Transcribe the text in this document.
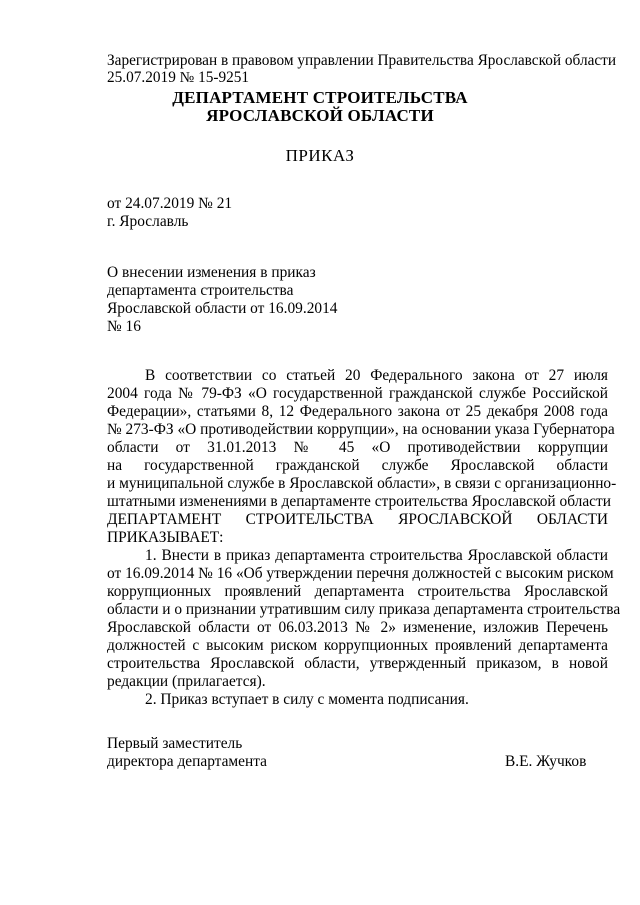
Зарегистрирован в правовом управлении Правительства Ярославской области
25.07.2019 № 15-9251
ДЕПАРТАМЕНТ СТРОИТЕЛЬСТВА
ЯРОСЛАВСКОЙ ОБЛАСТИ
ПРИКАЗ
от 24.07.2019 № 21
г. Ярославль
О внесении изменения в приказ
департамента строительства
Ярославской области от 16.09.2014
№ 16
В соответствии со статьей 20 Федерального закона от 27 июля
2004 года № 79-ФЗ «О государственной гражданской службе Российской
Федерации», статьями 8, 12 Федерального закона от 25 декабря 2008 года
№ 273-ФЗ «О противодействии коррупции», на основании указа Губернатора
области от 31.01.2013 № 45 «О противодействии коррупции
на государственной гражданской службе Ярославской области
и муниципальной службе в Ярославской области», в связи с организационно-
штатными изменениями в департаменте строительства Ярославской области
ДЕПАРТАМЕНТ СТРОИТЕЛЬСТВА ЯРОСЛАВСКОЙ ОБЛАСТИ
ПРИКАЗЫВАЕТ:
1. Внести в приказ департамента строительства Ярославской области
от 16.09.2014 № 16 «Об утверждении перечня должностей с высоким риском
коррупционных проявлений департамента строительства Ярославской
области и о признании утратившим силу приказа департамента строительства
Ярославской области от 06.03.2013 № 2» изменение, изложив Перечень
должностей с высоким риском коррупционных проявлений департамента
строительства Ярославской области, утвержденный приказом, в новой
редакции (прилагается).
2. Приказ вступает в силу с момента подписания.
Первый заместитель
директора департамента	В.Е. Жучков
